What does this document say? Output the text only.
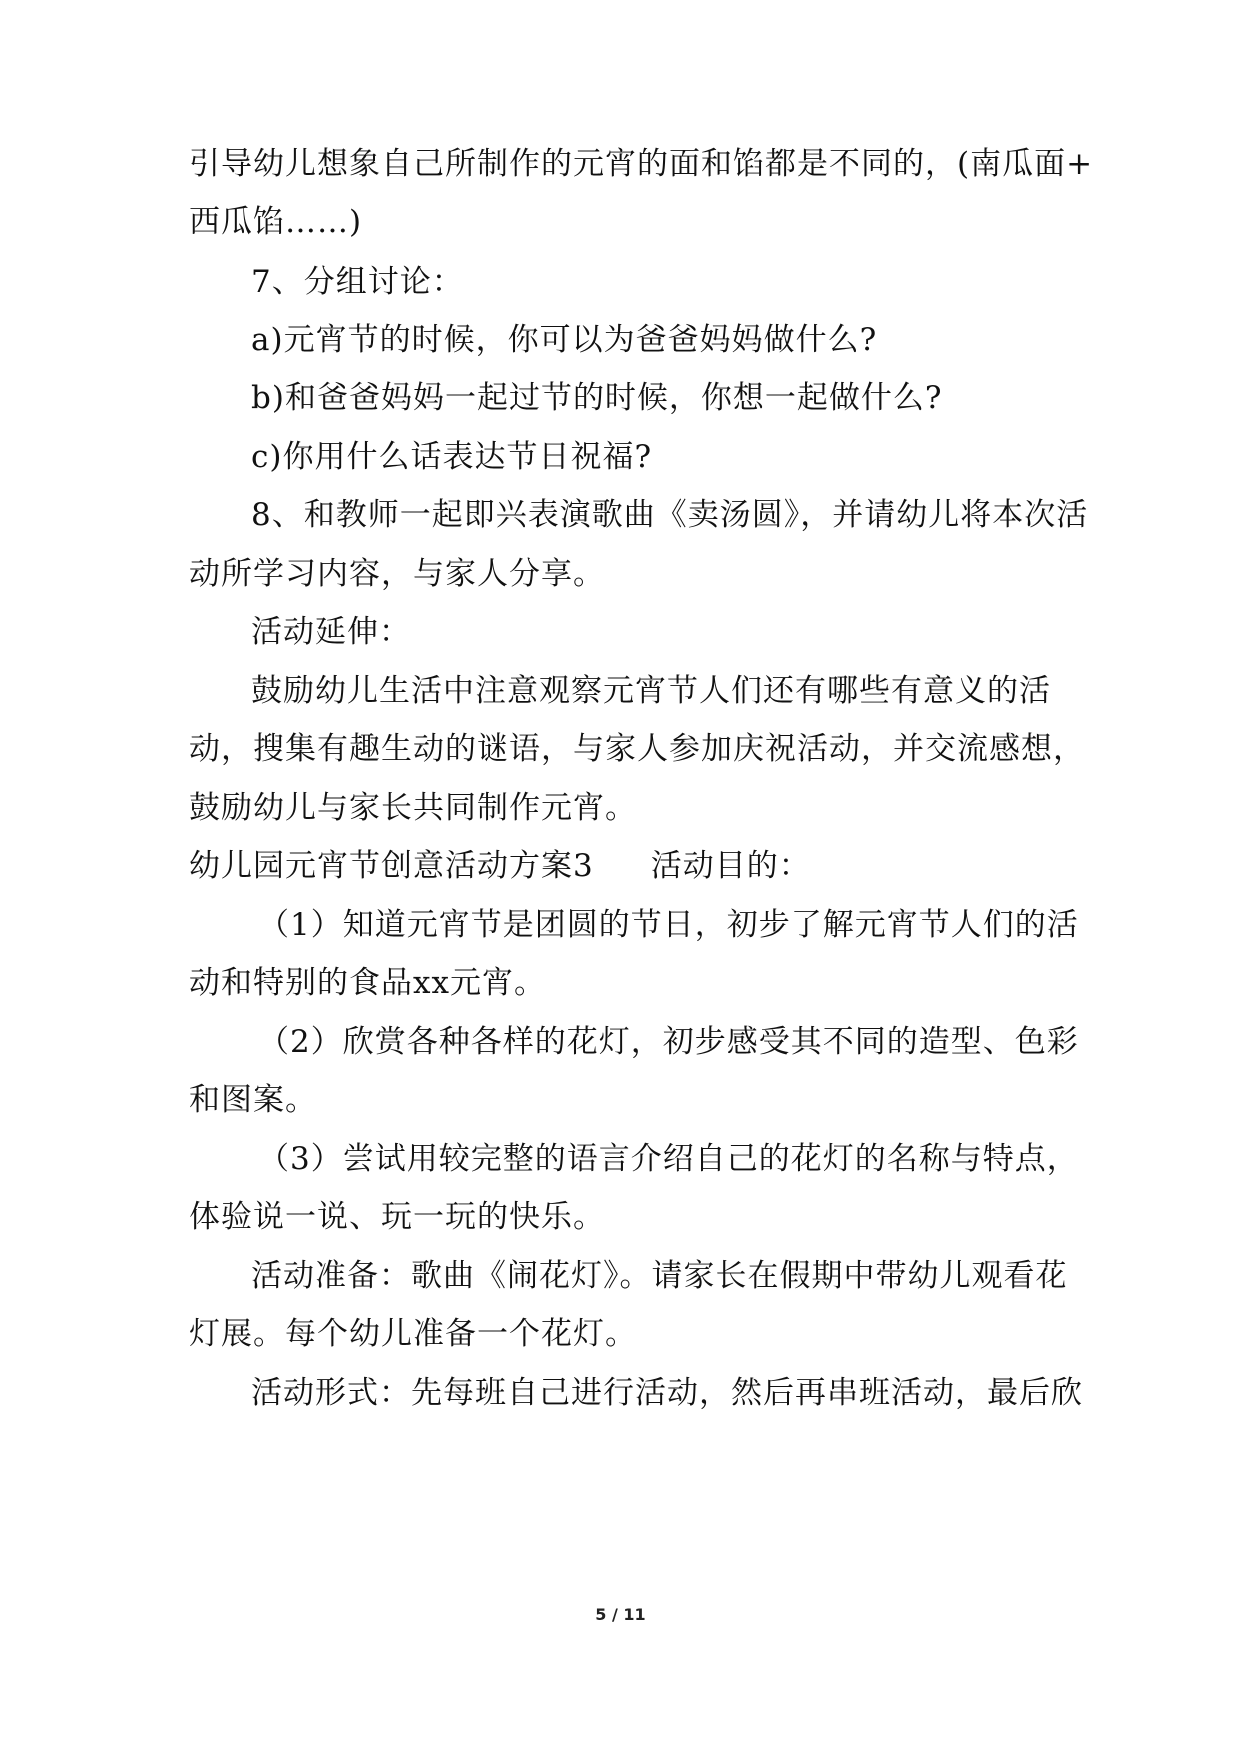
引导幼儿想象自己所制作的元宵的面和馅都是不同的，(南瓜面+
西瓜馅……)
7、分组讨论：
a)元宵节的时候，你可以为爸爸妈妈做什么?
b)和爸爸妈妈一起过节的时候，你想一起做什么?
c)你用什么话表达节日祝福?
8、和教师一起即兴表演歌曲《卖汤圆》，并请幼儿将本次活
动所学习内容，与家人分享。
活动延伸：
鼓励幼儿生活中注意观察元宵节人们还有哪些有意义的活
动，搜集有趣生动的谜语，与家人参加庆祝活动，并交流感想，
鼓励幼儿与家长共同制作元宵。
幼儿园元宵节创意活动方案3 活动目的：
（1）知道元宵节是团圆的节日，初步了解元宵节人们的活
动和特别的食品xx元宵。
（2）欣赏各种各样的花灯，初步感受其不同的造型、色彩
和图案。
（3）尝试用较完整的语言介绍自己的花灯的名称与特点，
体验说一说、玩一玩的快乐。
活动准备：歌曲《闹花灯》。请家长在假期中带幼儿观看花
灯展。每个幼儿准备一个花灯。
活动形式：先每班自己进行活动，然后再串班活动，最后欣
5 / 11
